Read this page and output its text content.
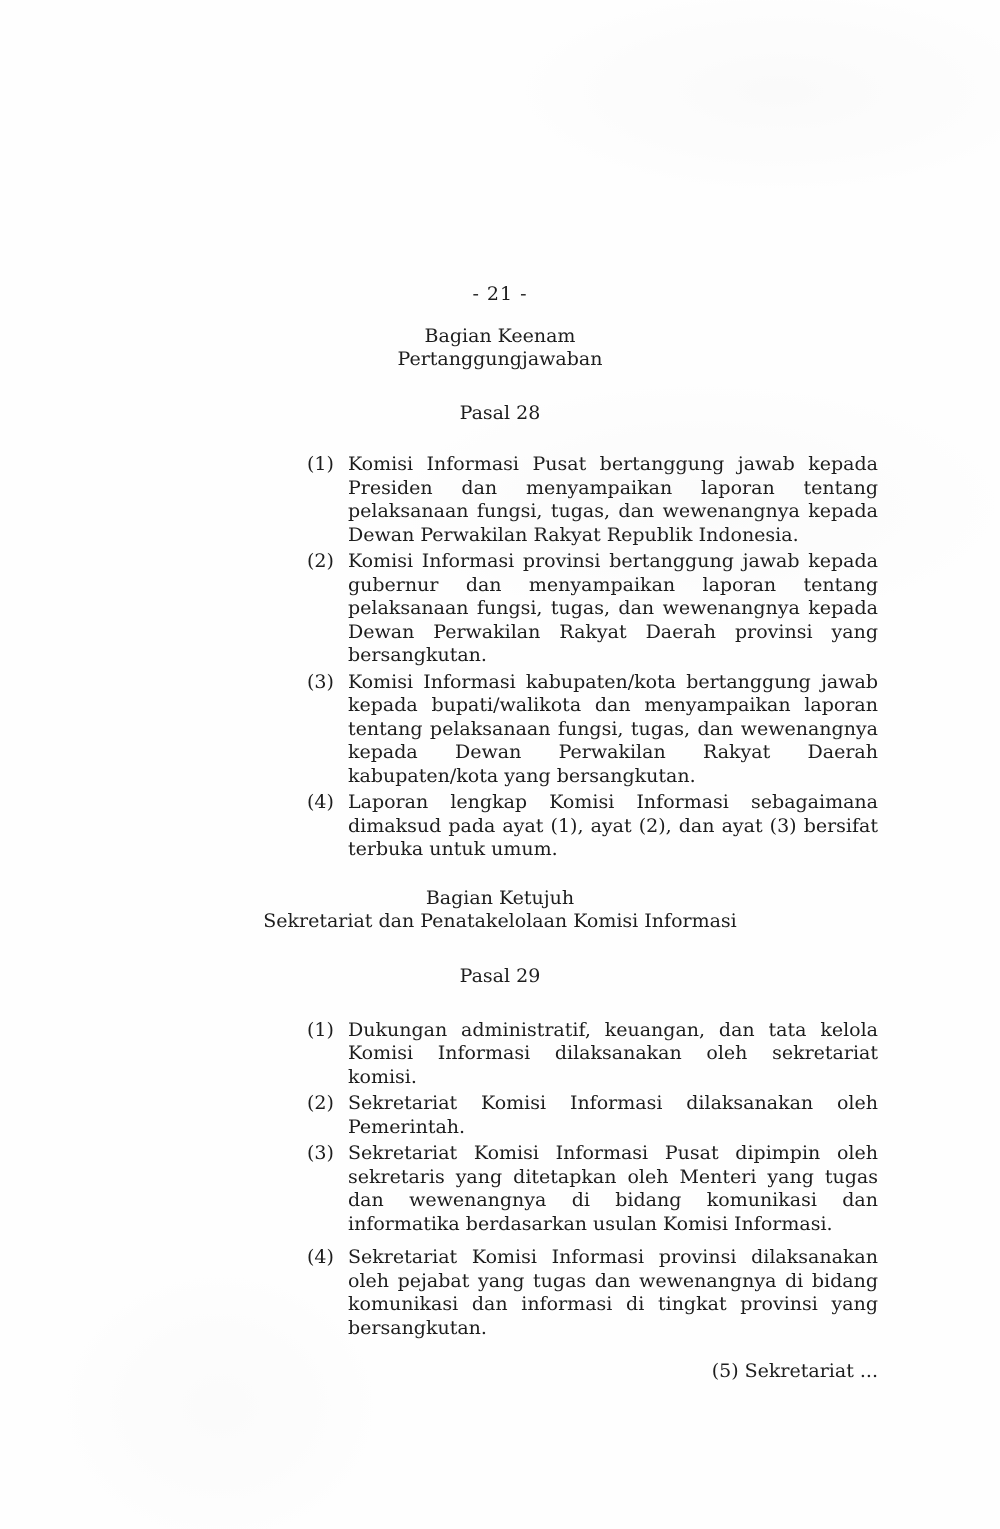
- 21 -
Bagian Keenam
Pertanggungjawaban
Pasal 28
(1) Komisi Informasi Pusat bertanggung jawab kepada Presiden dan menyampaikan laporan tentang pelaksanaan fungsi, tugas, dan wewenangnya kepada Dewan Perwakilan Rakyat Republik Indonesia.
(2) Komisi Informasi provinsi bertanggung jawab kepada gubernur dan menyampaikan laporan tentang pelaksanaan fungsi, tugas, dan wewenangnya kepada Dewan Perwakilan Rakyat Daerah provinsi yang bersangkutan.
(3) Komisi Informasi kabupaten/kota bertanggung jawab kepada bupati/walikota dan menyampaikan laporan tentang pelaksanaan fungsi, tugas, dan wewenangnya kepada Dewan Perwakilan Rakyat Daerah kabupaten/kota yang bersangkutan.
(4) Laporan lengkap Komisi Informasi sebagaimana dimaksud pada ayat (1), ayat (2), dan ayat (3) bersifat terbuka untuk umum.
Bagian Ketujuh
Sekretariat dan Penatakelolaan Komisi Informasi
Pasal 29
(1) Dukungan administratif, keuangan, dan tata kelola Komisi Informasi dilaksanakan oleh sekretariat komisi.
(2) Sekretariat Komisi Informasi dilaksanakan oleh Pemerintah.
(3) Sekretariat Komisi Informasi Pusat dipimpin oleh sekretaris yang ditetapkan oleh Menteri yang tugas dan wewenangnya di bidang komunikasi dan informatika berdasarkan usulan Komisi Informasi.
(4) Sekretariat Komisi Informasi provinsi dilaksanakan oleh pejabat yang tugas dan wewenangnya di bidang komunikasi dan informasi di tingkat provinsi yang bersangkutan.
(5) Sekretariat ...
